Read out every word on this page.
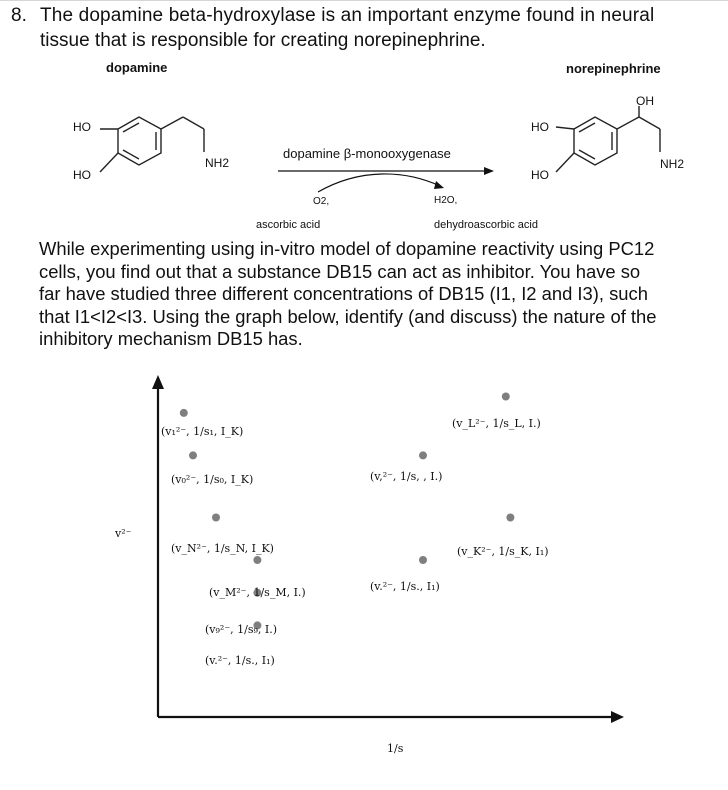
8. The dopamine beta-hydroxylase is an important enzyme found in neural
tissue that is responsible for creating norepinephrine.
dopamine	norepinephrine
HO
HO
NH2
HO
HO
NH2
OH
dopamine β-monooxygenase
O2,	H2O,
ascorbic acid	dehydroascorbic acid
While experimenting using in-vitro model of dopamine reactivity using PC12
cells, you find out that a substance DB15 can act as inhibitor. You have so
far have studied three different concentrations of DB15 (I1, I2 and I3), such
that I1<I2<I3. Using the graph below, identify (and discuss) the nature of the
inhibitory mechanism DB15 has.
v²⁻
1/s
(v₁²⁻, 1/s₁, I_K)
(v₀²⁻, 1/s₀, I_K)
(v_N²⁻, 1/s_N, I_K)
(v_M²⁻, 1/s_M, I.)
(v₉²⁻, 1/s₉, I.)
(v.²⁻, 1/s., I₁)
(v_L²⁻, 1/s_L, I.)
(v,²⁻, 1/s, , I.)
(v_K²⁻, 1/s_K, I₁)
(v.²⁻, 1/s., I₁)
